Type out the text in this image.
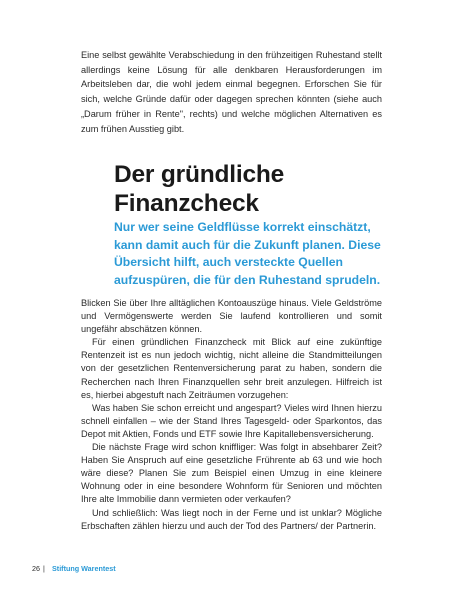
Eine selbst gewählte Verabschiedung in den frühzeitigen Ruhestand stellt allerdings keine Lösung für alle denkbaren Herausforderungen im Arbeitsleben dar, die wohl jedem einmal begegnen. Erforschen Sie für sich, welche Gründe dafür oder dagegen sprechen könnten (siehe auch „Darum früher in Rente", rechts) und welche möglichen Alternativen es zum frühen Ausstieg gibt.

Der gründliche Finanzcheck

Nur wer seine Geldflüsse korrekt einschätzt, kann damit auch für die Zukunft planen. Diese Übersicht hilft, auch versteckte Quellen aufzuspüren, die für den Ruhestand sprudeln.

Blicken Sie über Ihre alltäglichen Kontoauszüge hinaus. Viele Geldströme und Vermögenswerte werden Sie laufend kontrollieren und somit ungefähr abschätzen können.

Für einen gründlichen Finanzcheck mit Blick auf eine zukünftige Rentenzeit ist es nun jedoch wichtig, nicht alleine die Standmitteilungen von der gesetzlichen Rentenversicherung parat zu haben, sondern die Recherchen nach Ihren Finanzquellen sehr breit anzulegen. Hilfreich ist es, hierbei abgestuft nach Zeiträumen vorzugehen:

Was haben Sie schon erreicht und angespart? Vieles wird Ihnen hierzu schnell einfallen – wie der Stand Ihres Tagesgeld- oder Sparkontos, das Depot mit Aktien, Fonds und ETF sowie Ihre Kapitallebensversicherung.

Die nächste Frage wird schon kniffliger: Was folgt in absehbarer Zeit? Haben Sie Anspruch auf eine gesetzliche Frührente ab 63 und wie hoch wäre diese? Planen Sie zum Beispiel einen Umzug in eine kleinere Wohnung oder in eine besondere Wohnform für Senioren und möchten Ihre alte Immobilie dann vermieten oder verkaufen?

Und schließlich: Was liegt noch in der Ferne und ist unklar? Mögliche Erbschaften zählen hierzu und auch der Tod des Partners/ der Partnerin.

26 | Stiftung Warentest
